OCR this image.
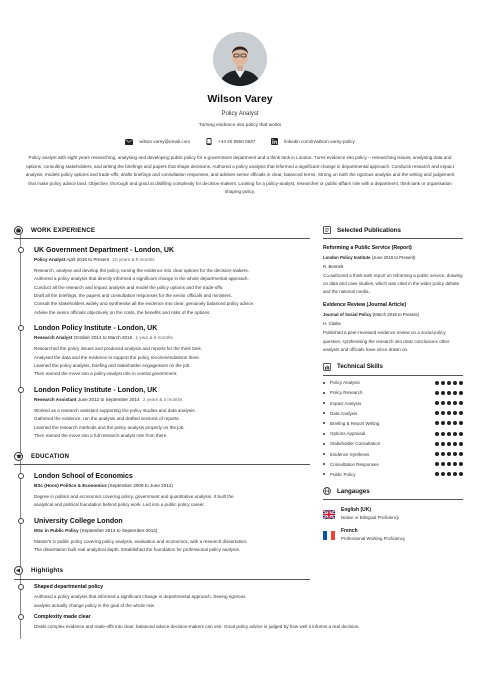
Wilson Varey
Policy Analyst
Turning evidence into policy that works
wilson.varey@email.com	+44 20 5550 0637	linkedin.com/in/wilson-varey-policy
Policy analyst with eight years researching, analysing and developing public policy for a government department and a think tank in London. Turns evidence into policy – researching issues, analysing data and options, consulting stakeholders, and writing the briefings and papers that shape decisions. Authored a policy analysis that informed a significant change in departmental approach. Conducts research and impact analysis, models policy options and trade-offs, drafts briefings and consultation responses, and advises senior officials in clear, balanced terms. Strong on both the rigorous analysis and the writing and judgement that make policy advice land. Objective, thorough and good at distilling complexity for decision-makers. Looking for a policy-analyst, researcher or public-affairs role with a department, think tank or organisation shaping policy.
WORK EXPERIENCE
UK Government Department - London, UK
Policy Analyst April 2016 to Present 10 years & 5 months
Research, analyse and develop the policy, turning the evidence into clear options for the decision-makers.
Authored a policy analysis that directly informed a significant change in the whole departmental approach.
Conduct all the research and impact analysis and model the policy options and the trade-offs.
Draft all the briefings, the papers and consultation responses for the senior officials and ministers.
Consult the stakeholders widely and synthesise all the evidence into clear, genuinely balanced policy advice.
Advise the senior officials objectively on the costs, the benefits and risks of the options.
London Policy Institute - London, UK
Research Analyst October 2014 to March 2016 1 year & 6 months
Researched the policy issues and produced analysis and reports for the think tank.
Analysed the data and the evidence to support the policy recommendations there.
Learned the policy analysis, briefing and stakeholder engagement on the job.
Then earned the move into a policy-analyst role in central government.
London Policy Institute - London, UK
Research Assistant June 2012 to September 2014 2 years & 4 months
Worked as a research assistant supporting the policy studies and data analysis.
Gathered the evidence, ran the analysis and drafted sections of reports.
Learned the research methods and the policy analysis properly on the job.
Then earned the move into a full research-analyst role from there.
EDUCATION
London School of Economics
BSc (Hons) Politics & Economics (September 2009 to June 2012)
Degree in politics and economics covering policy, government and quantitative analysis. It built the
analytical and political foundation behind policy work. Led into a public policy career.
University College London
MSc in Public Policy (September 2013 to September 2014)
Master's in public policy covering policy analysis, evaluation and economics, with a research dissertation.
The dissertation built real analytical depth. Established the foundation for professional policy analysis.
Highlights
Shaped departmental policy
Authored a policy analysis that informed a significant change in departmental approach. Seeing rigorous
analysis actually change policy is the goal of the whole role.
Complexity made clear
Distils complex evidence and trade-offs into clear, balanced advice decision-makers can use. Good policy advice is judged by how well it informs a real decision.
Selected Publications
Reforming a Public Service (Report)
London Policy Institute (June 2015 to Present)
R. Bennett
Co-authored a think-tank report on reforming a public service, drawing on data and case studies, which was cited in the wider policy debate and the national media.
Evidence Review (Journal Article)
Journal of Social Policy (March 2018 to Present)
H. Clarke
Published a peer-reviewed evidence review on a social-policy question, synthesising the research into clear conclusions other analysts and officials have since drawn on.
Technical Skills
Policy Analysis
Policy Research
Impact Analysis
Data Analysis
Briefing & Report Writing
Options Appraisal
Stakeholder Consultation
Evidence Synthesis
Consultation Responses
Public Policy
Langauges
English (UK)
Native or Bilingual Proficiency
French
Professional Working Proficiency
